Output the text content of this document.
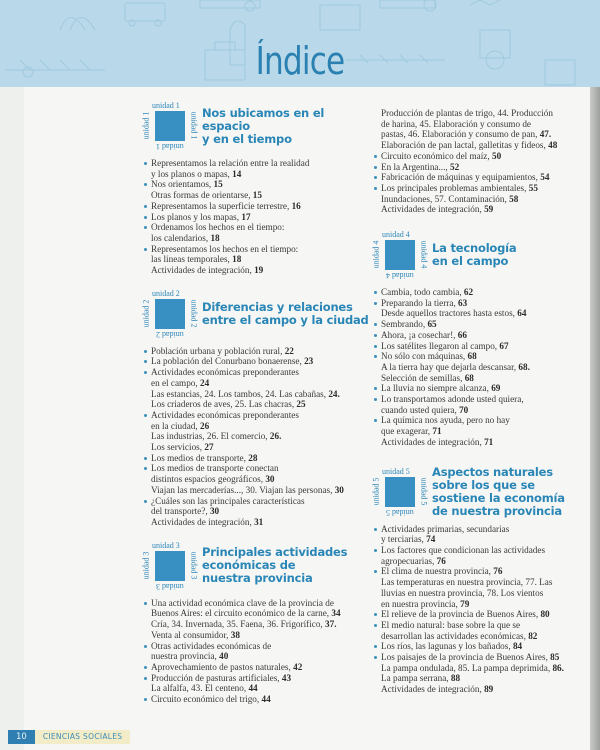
Índice
unidad 1
unidad 1
unidad 1	unidad 1 Nos ubicamos en el espacio
y en el tiempo
Representamos la relación entre la realidad
y los planos o mapas, 14
Nos orientamos, 15
Otras formas de orientarse, 15
Representamos la superficie terrestre, 16
Los planos y los mapas, 17
Ordenamos los hechos en el tiempo:
los calendarios, 18
Representamos los hechos en el tiempo:
las líneas temporales, 18
Actividades de integración, 19
unidad 2
unidad 2
unidad 2	unidad 2 Diferencias y relaciones
entre el campo y la ciudad
Población urbana y población rural, 22
La población del Conurbano bonaerense, 23
Actividades económicas preponderantes
en el campo, 24
Las estancias, 24. Los tambos, 24. Las cabañas, 24.
Los criaderos de aves, 25. Las chacras, 25
Actividades económicas preponderantes
en la ciudad, 26
Las industrias, 26. El comercio, 26.
Los servicios, 27
Los medios de transporte, 28
Los medios de transporte conectan
distintos espacios geográficos, 30
Viajan las mercaderías..., 30. Viajan las personas, 30
¿Cuáles son las principales características
del transporte?, 30
Actividades de integración, 31
unidad 3
unidad 3
unidad 3	unidad 3 Principales actividades
económicas de
nuestra provincia
Una actividad económica clave de la provincia de
Buenos Aires: el circuito económico de la carne, 34
Cría, 34. Invernada, 35. Faena, 36. Frigorífico, 37.
Venta al consumidor, 38
Otras actividades económicas de
nuestra provincia, 40
Aprovechamiento de pastos naturales, 42
Producción de pasturas artificiales, 43
La alfalfa, 43. El centeno, 44
Circuito económico del trigo, 44
Producción de plantas de trigo, 44. Producción
de harina, 45. Elaboración y consumo de
pastas, 46. Elaboración y consumo de pan, 47.
Elaboración de pan lactal, galletitas y fideos, 48
Circuito económico del maíz, 50
En la Argentina..., 52
Fabricación de máquinas y equipamientos, 54
Los principales problemas ambientales, 55
Inundaciones, 57. Contaminación, 58
Actividades de integración, 59
unidad 4
unidad 4
unidad 4	unidad 4 La tecnología
en el campo
Cambia, todo cambia, 62
Preparando la tierra, 63
Desde aquellos tractores hasta estos, 64
Sembrando, 65
Ahora, ¡a cosechar!, 66
Los satélites llegaron al campo, 67
No sólo con máquinas, 68
A la tierra hay que dejarla descansar, 68.
Selección de semillas, 68
La lluvia no siempre alcanza, 69
Lo transportamos adonde usted quiera,
cuando usted quiera, 70
La química nos ayuda, pero no hay
que exagerar, 71
Actividades de integración, 71
unidad 5
unidad 5
unidad 5	unidad 5
Aspectos naturales
sobre los que se
sostiene la economía
de nuestra provincia
Actividades primarias, secundarias
y terciarias, 74
Los factores que condicionan las actividades
agropecuarias, 76
El clima de nuestra provincia, 76
Las temperaturas en nuestra provincia, 77. Las
lluvias en nuestra provincia, 78. Los vientos
en nuestra provincia, 79
El relieve de la provincia de Buenos Aires, 80
El medio natural: base sobre la que se
desarrollan las actividades económicas, 82
Los ríos, las lagunas y los bañados, 84
Los paisajes de la provincia de Buenos Aires, 85
La pampa ondulada, 85. La pampa deprimida, 86.
La pampa serrana, 88
Actividades de integración, 89
10	CIENCIAS SOCIALES
